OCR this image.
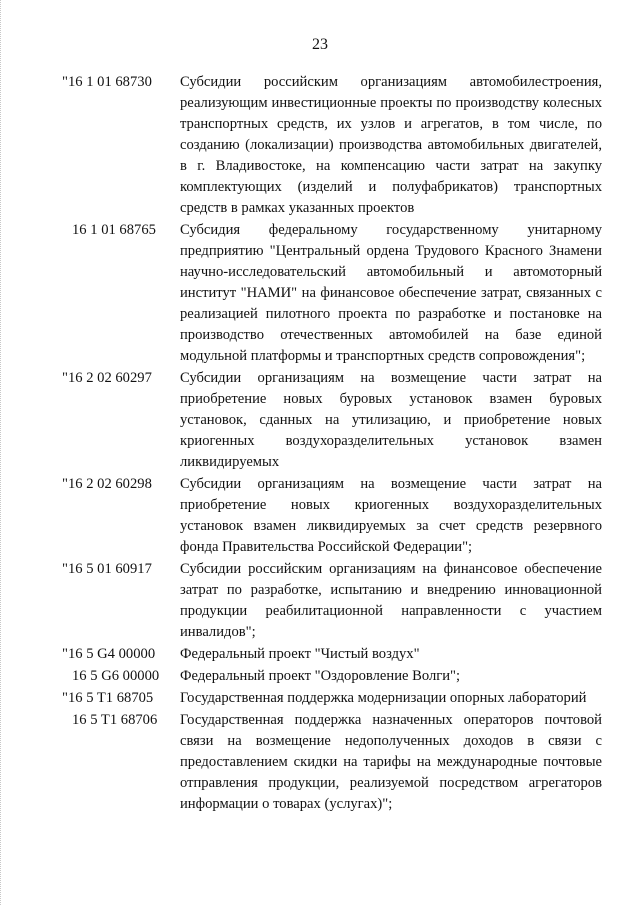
23
"16 1 01 68730	Субсидии российским организациям автомобилестроения, реализующим инвестиционные проекты по производству колесных транспортных средств, их узлов и агрегатов, в том числе, по созданию (локализации) производства автомобильных двигателей, в г. Владивостоке, на компенсацию части затрат на закупку комплектующих (изделий и полуфабрикатов) транспортных средств в рамках указанных проектов
16 1 01 68765	Субсидия федеральному государственному унитарному предприятию "Центральный ордена Трудового Красного Знамени научно-исследовательский автомобильный и автомоторный институт "НАМИ" на финансовое обеспечение затрат, связанных с реализацией пилотного проекта по разработке и постановке на производство отечественных автомобилей на базе единой модульной платформы и транспортных средств сопровождения";
"16 2 02 60297	Субсидии организациям на возмещение части затрат на приобретение новых буровых установок взамен буровых установок, сданных на утилизацию, и приобретение новых криогенных воздухоразделительных установок взамен ликвидируемых
"16 2 02 60298	Субсидии организациям на возмещение части затрат на приобретение новых криогенных воздухоразделительных установок взамен ликвидируемых за счет средств резервного фонда Правительства Российской Федерации";
"16 5 01 60917	Субсидии российским организациям на финансовое обеспечение затрат по разработке, испытанию и внедрению инновационной продукции реабилитационной направленности с участием инвалидов";
"16 5 G4 00000	Федеральный проект "Чистый воздух"
16 5 G6 00000	Федеральный проект "Оздоровление Волги";
"16 5 T1 68705	Государственная поддержка модернизации опорных лабораторий
16 5 T1 68706	Государственная поддержка назначенных операторов почтовой связи на возмещение недополученных доходов в связи с предоставлением скидки на тарифы на международные почтовые отправления продукции, реализуемой посредством агрегаторов информации о товарах (услугах)";
